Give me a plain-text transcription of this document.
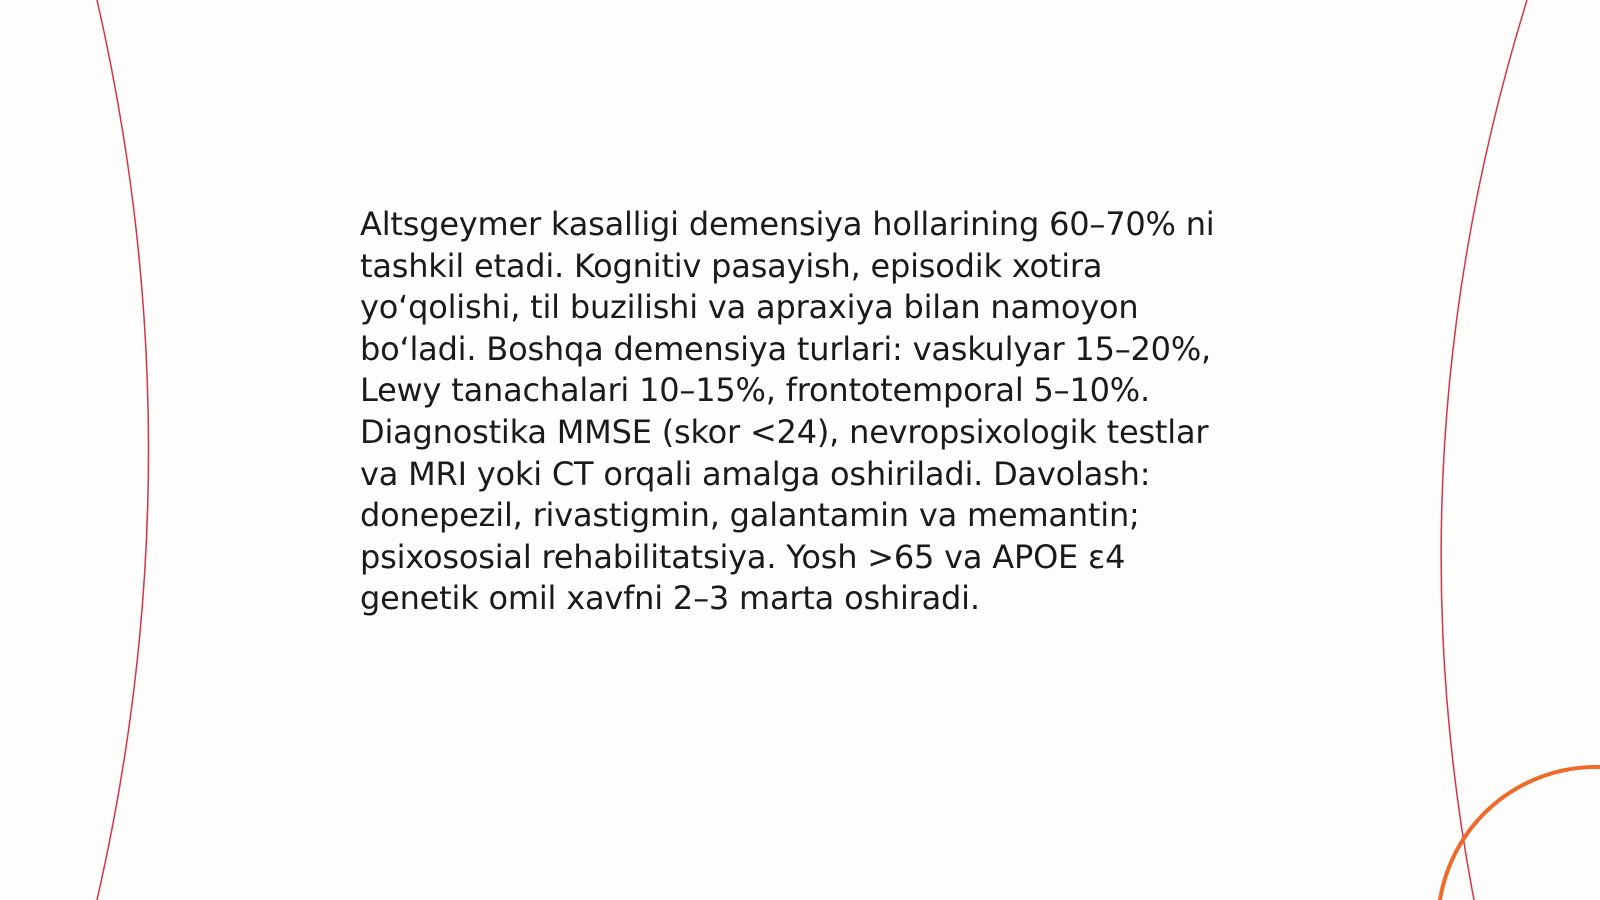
Altsgeymer kasalligi demensiya hollarining 60–70% ni tashkil etadi. Kognitiv pasayish, episodik xotira yo‘qolishi, til buzilishi va apraxiya bilan namoyon bo‘ladi. Boshqa demensiya turlari: vaskulyar 15–20%, Lewy tanachalari 10–15%, frontotemporal 5–10%. Diagnostika MMSE (skor <24), nevropsixologik testlar va MRI yoki CT orqali amalga oshiriladi. Davolash: donepezil, rivastigmin, galantamin va memantin; psixososial rehabilitatsiya. Yosh >65 va APOE ε4 genetik omil xavfni 2–3 marta oshiradi.
